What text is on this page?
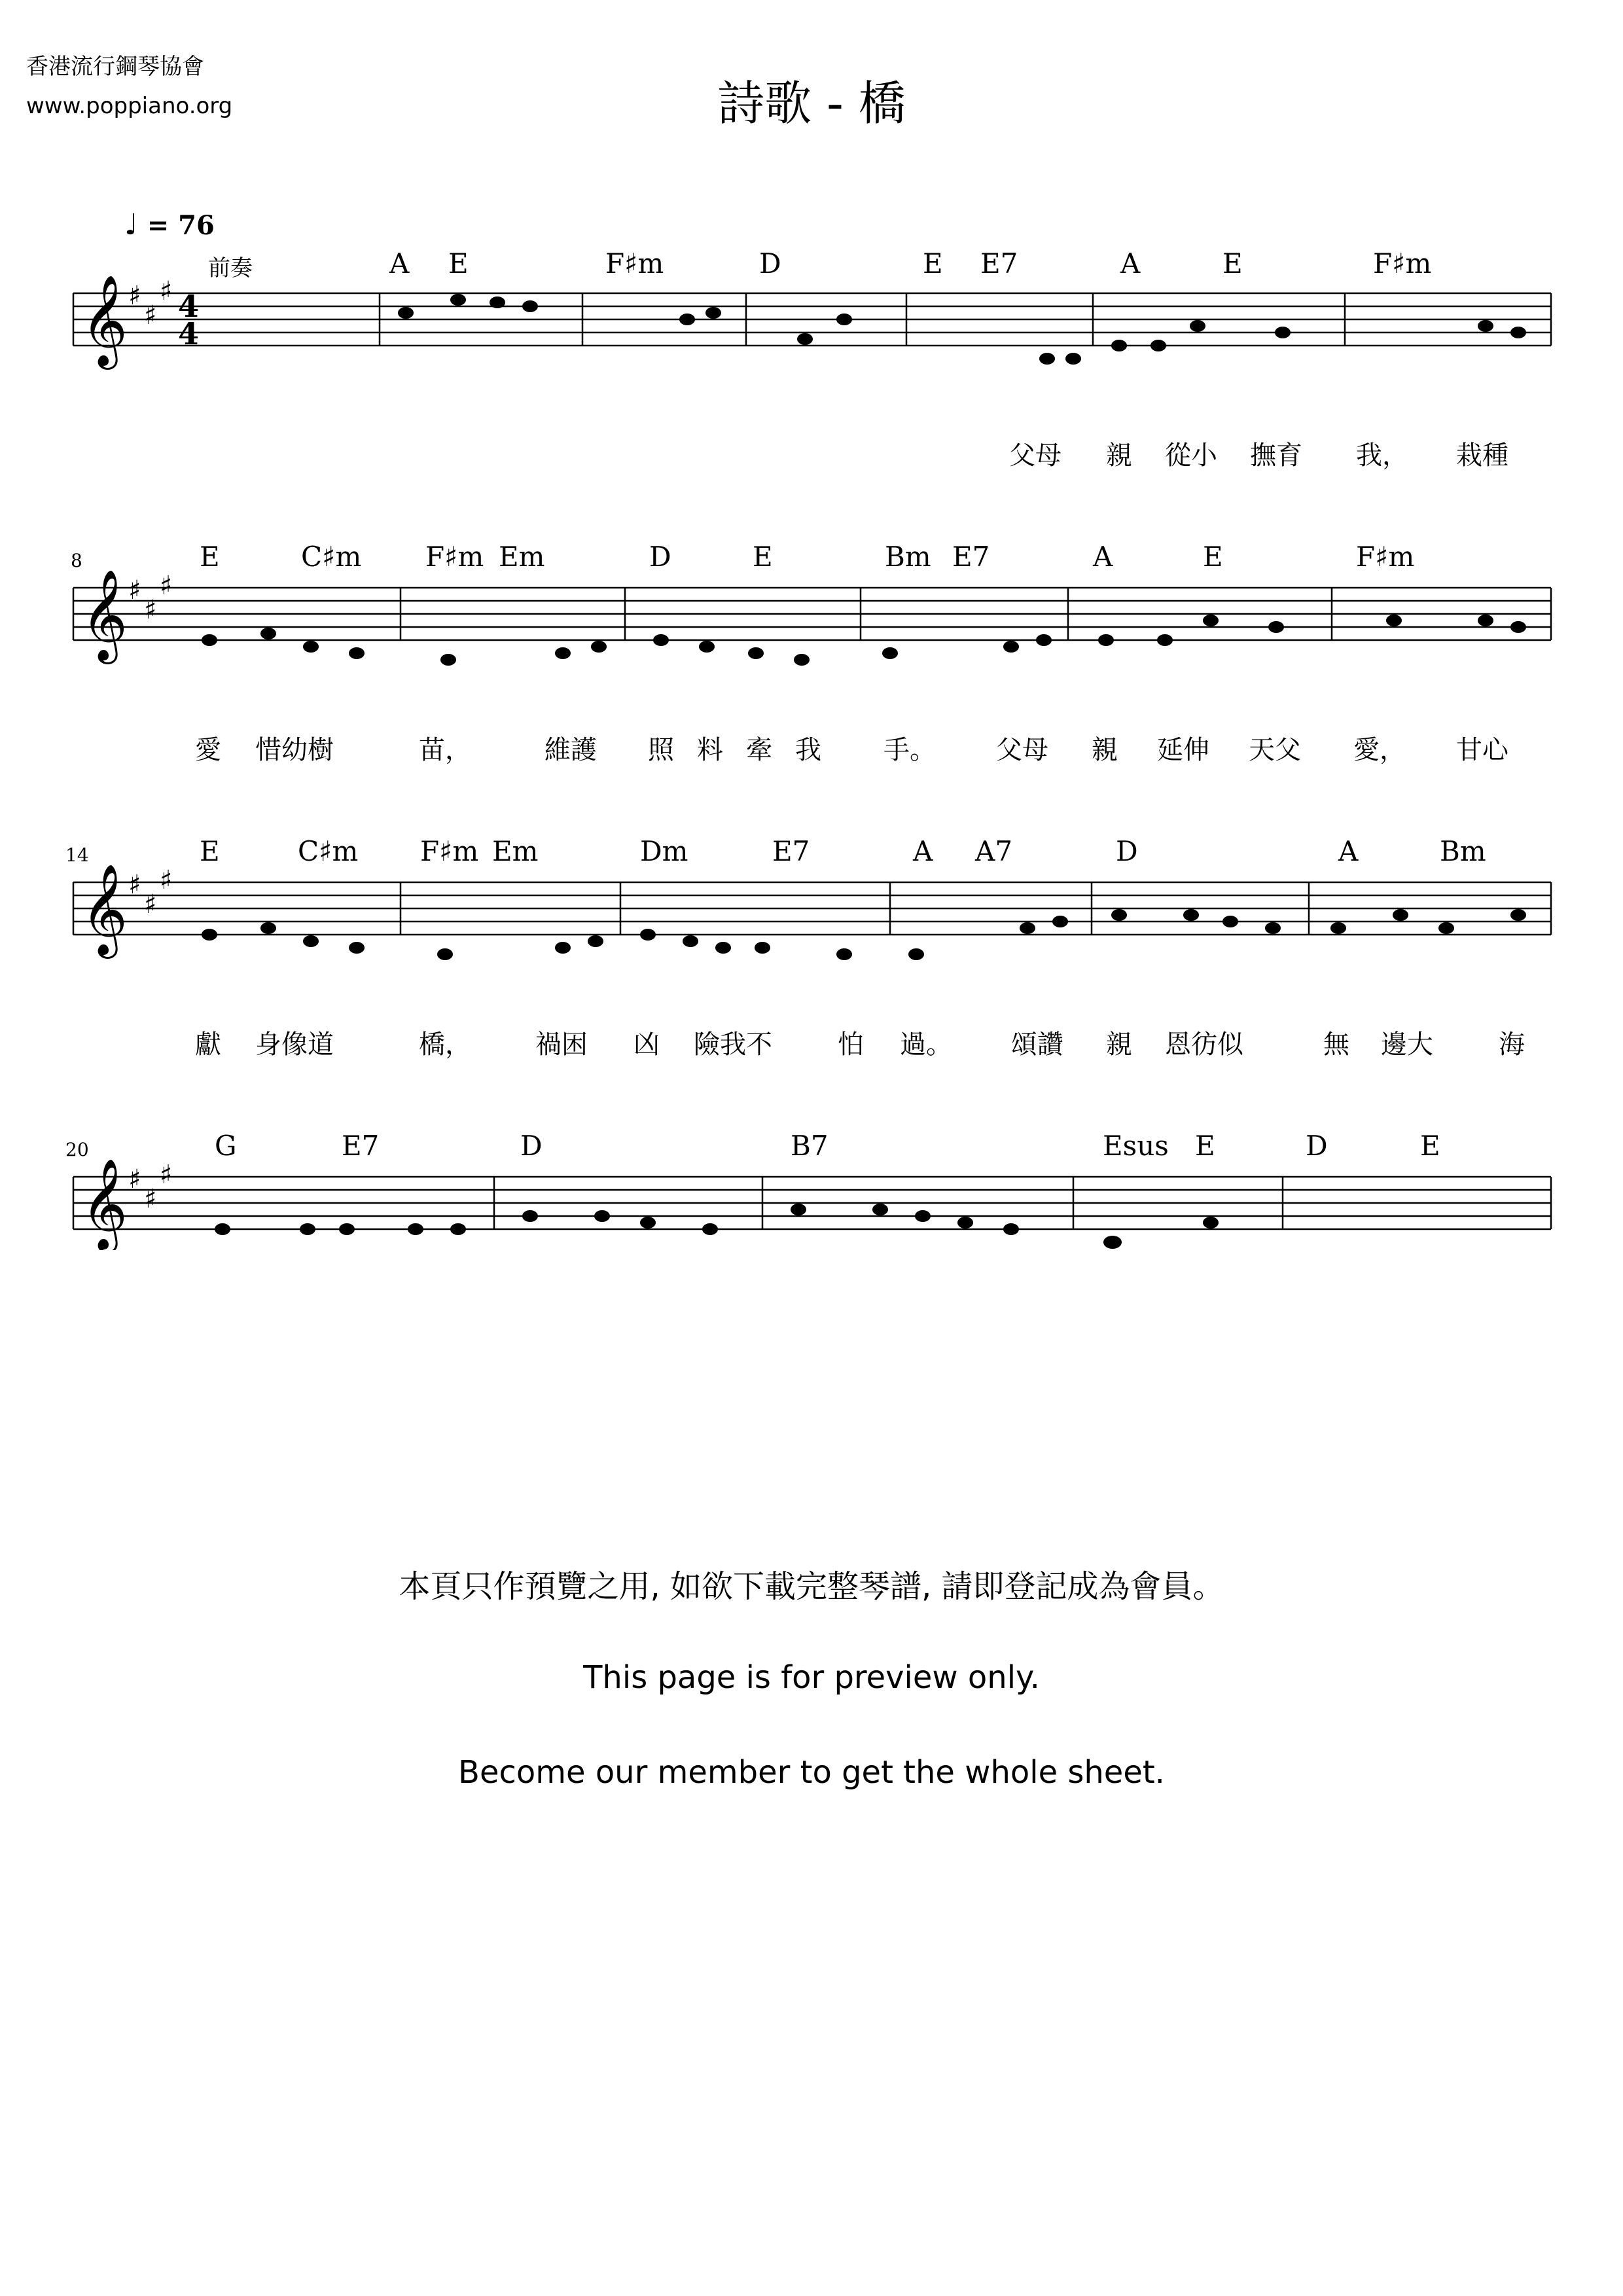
香港流行鋼琴協會
www.poppiano.org	詩歌 - 橋
♩ = 76
前奏	A E	F♯m	D	E E7	A	E	F♯m
𝄞 ♯
♯
♯ 4
4
父母 親 從小 撫育 我， 栽種
8	E	C♯m F♯m Em	D	E	Bm E7	A	E	F♯m
𝄞 ♯
♯
♯
愛 惜幼樹	苗，	維護 照 料 牽 我 手。 父母 親 延伸 天父 愛， 甘心
14	E	C♯m F♯m Em	Dm	E7	A A7	D	A	Bm
𝄞 ♯
♯
♯
獻 身像道	橋， 禍困 凶 險我不	怕 過。 頌讚 親 恩彷似	無 邊大	海
20	G	E7	D	B7	Esus E	D	E
𝄞 ♯
♯
♯
本頁只作預覽之用, 如欲下載完整琴譜, 請即登記成為會員。
This page is for preview only.
Become our member to get the whole sheet.
